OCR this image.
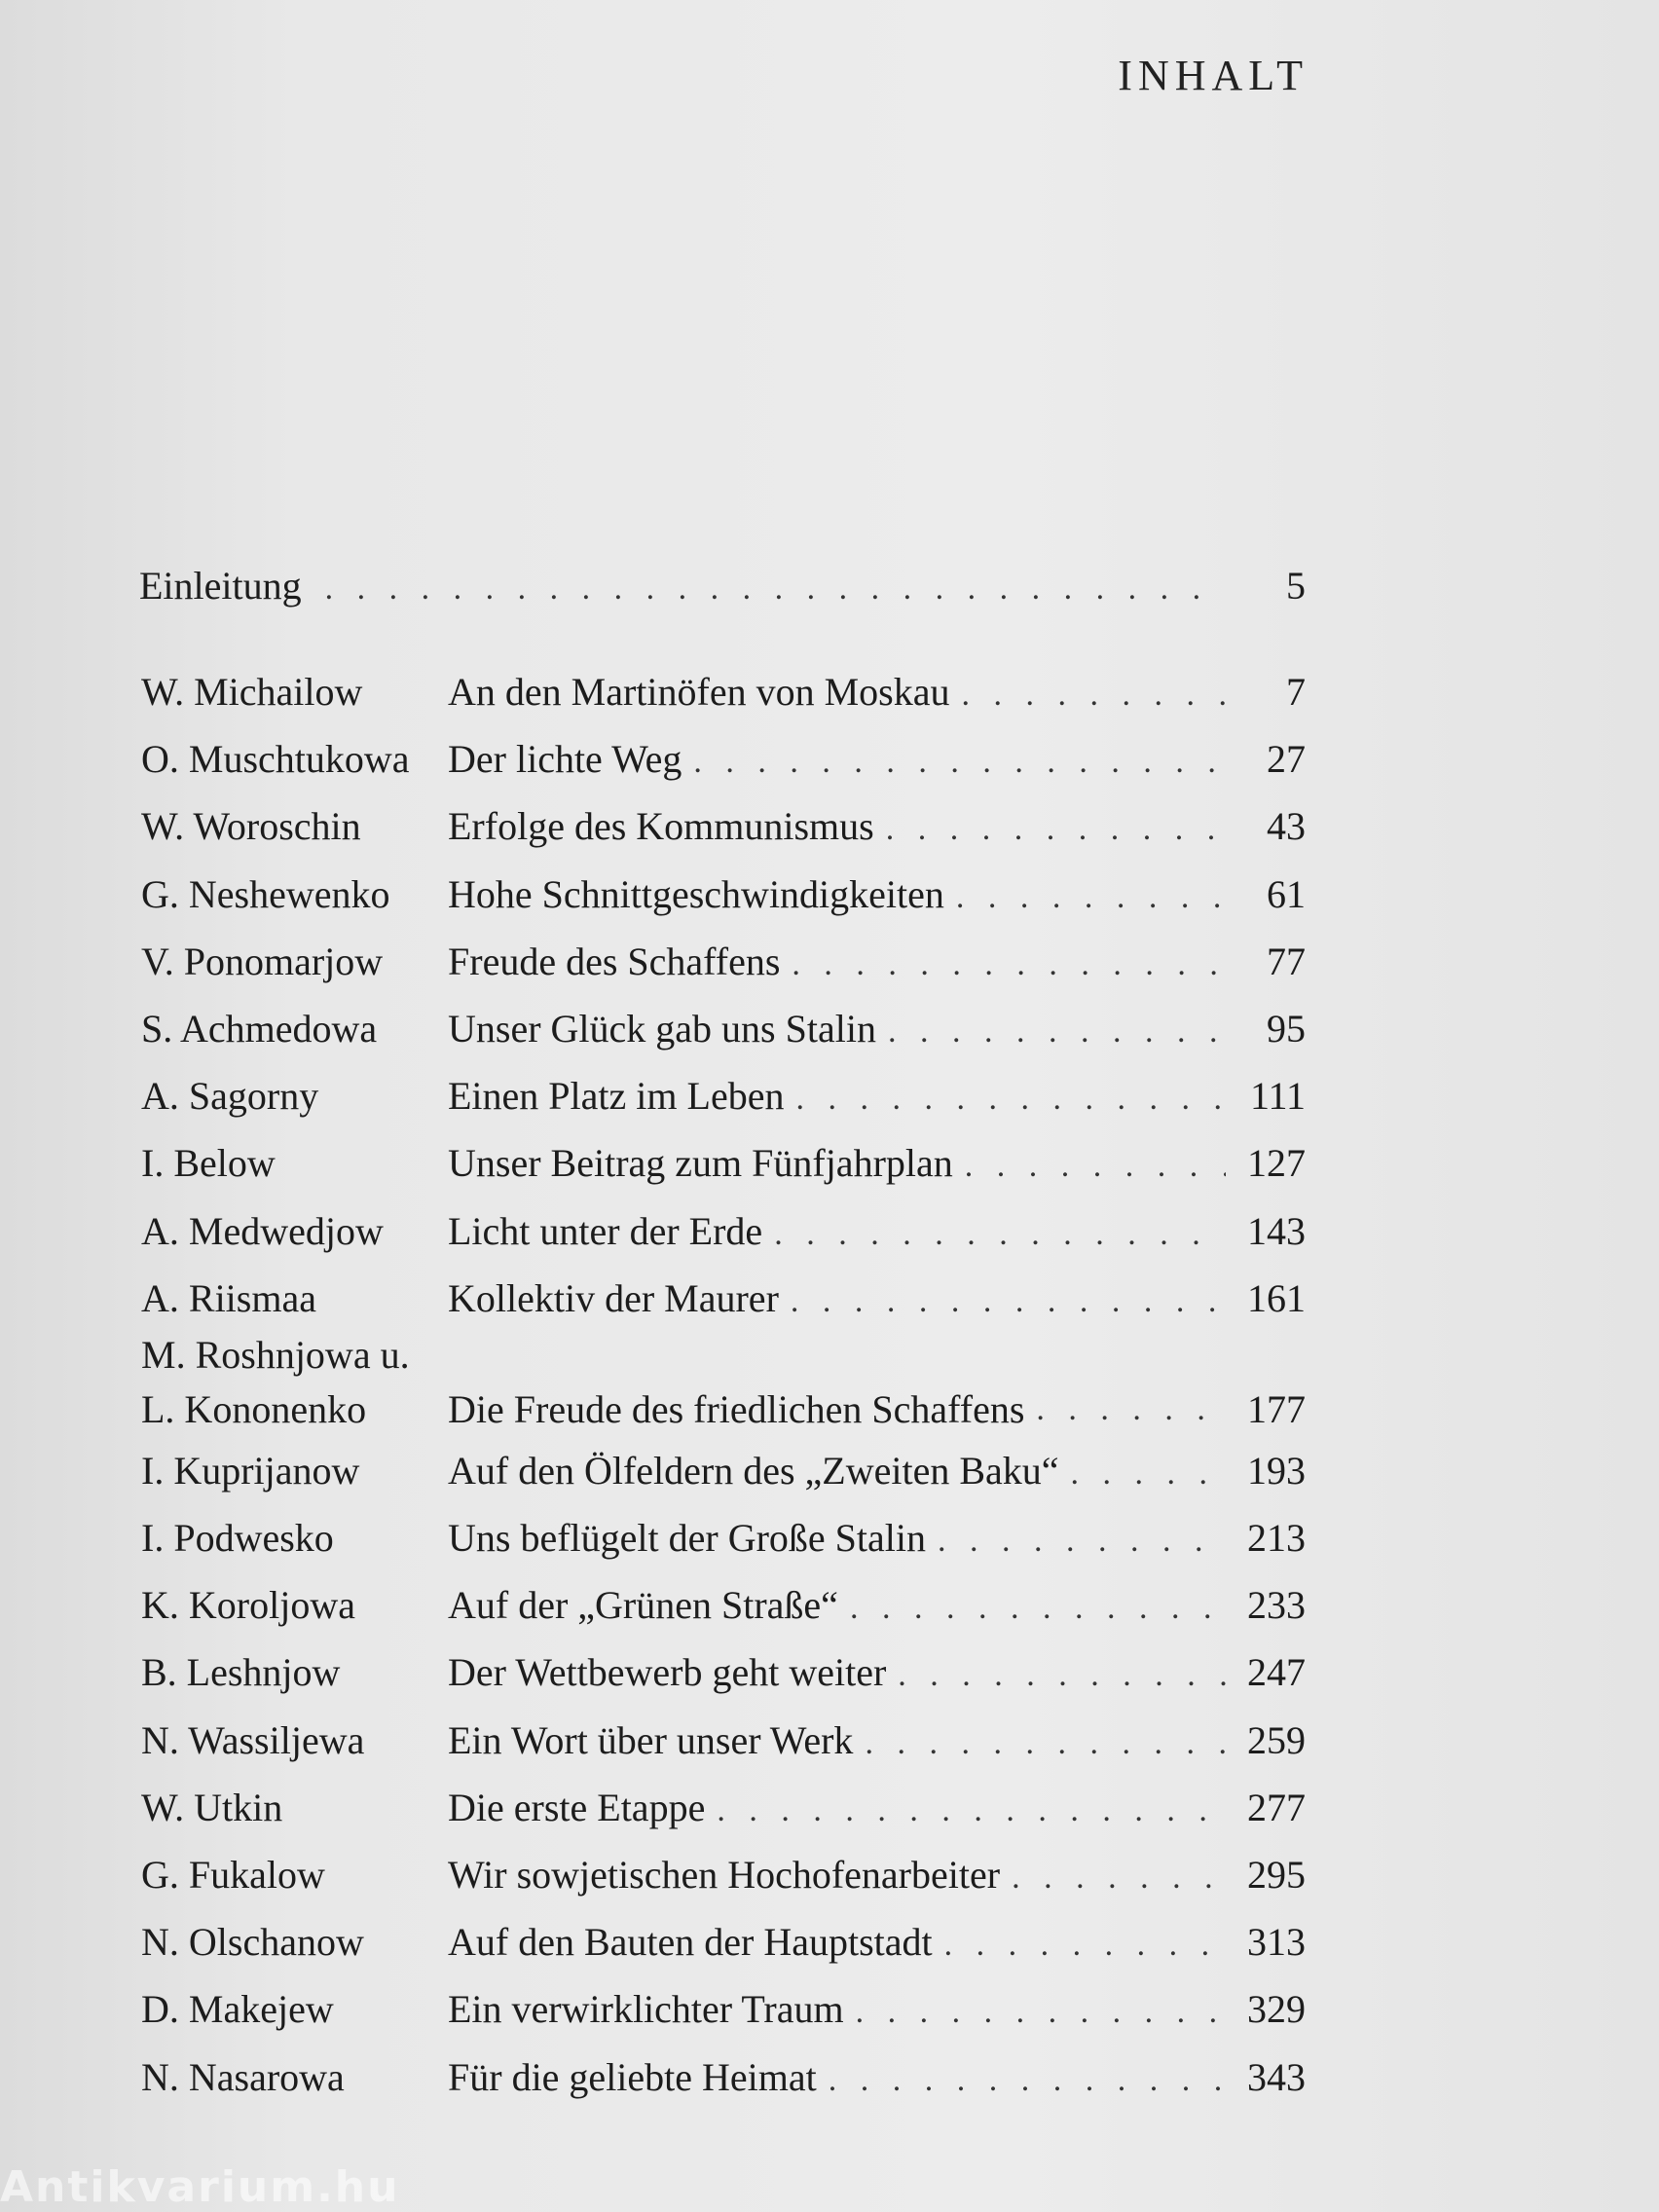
INHALT
Einleitung . . .	5
W. Michailow	An den Martinöfen von Moskau . . .	7
O. Muschtukowa Der lichte Weg . . .	27
W. Woroschin	Erfolge des Kommunismus . . .	43
G. Neshewenko	Hohe Schnittgeschwindigkeiten . . .	61
V. Ponomarjow	Freude des Schaffens . . .	77
S. Achmedowa	Unser Glück gab uns Stalin . . .	95
A. Sagorny	Einen Platz im Leben . . .	111
I. Below	Unser Beitrag zum Fünfjahrplan . . .	127
A. Medwedjow	Licht unter der Erde . . .	143
A. Riismaa	Kollektiv der Maurer . . .	161
M. Roshnjowa u.
L. Kononenko	Die Freude des friedlichen Schaffens . . .	177
I. Kuprijanow	Auf den Ölfeldern des „Zweiten Baku“ . . .	193
I. Podwesko	Uns beflügelt der Große Stalin . . .	213
K. Koroljowa	Auf der „Grünen Straße“ . . .	233
B. Leshnjow	Der Wettbewerb geht weiter . . .	247
N. Wassiljewa	Ein Wort über unser Werk . . .	259
W. Utkin	Die erste Etappe . . .	277
G. Fukalow	Wir sowjetischen Hochofenarbeiter . . .	295
N. Olschanow	Auf den Bauten der Hauptstadt . . .	313
D. Makejew	Ein verwirklichter Traum . . .	329
N. Nasarowa	Für die geliebte Heimat . . .	343
Antikvarium.hu
